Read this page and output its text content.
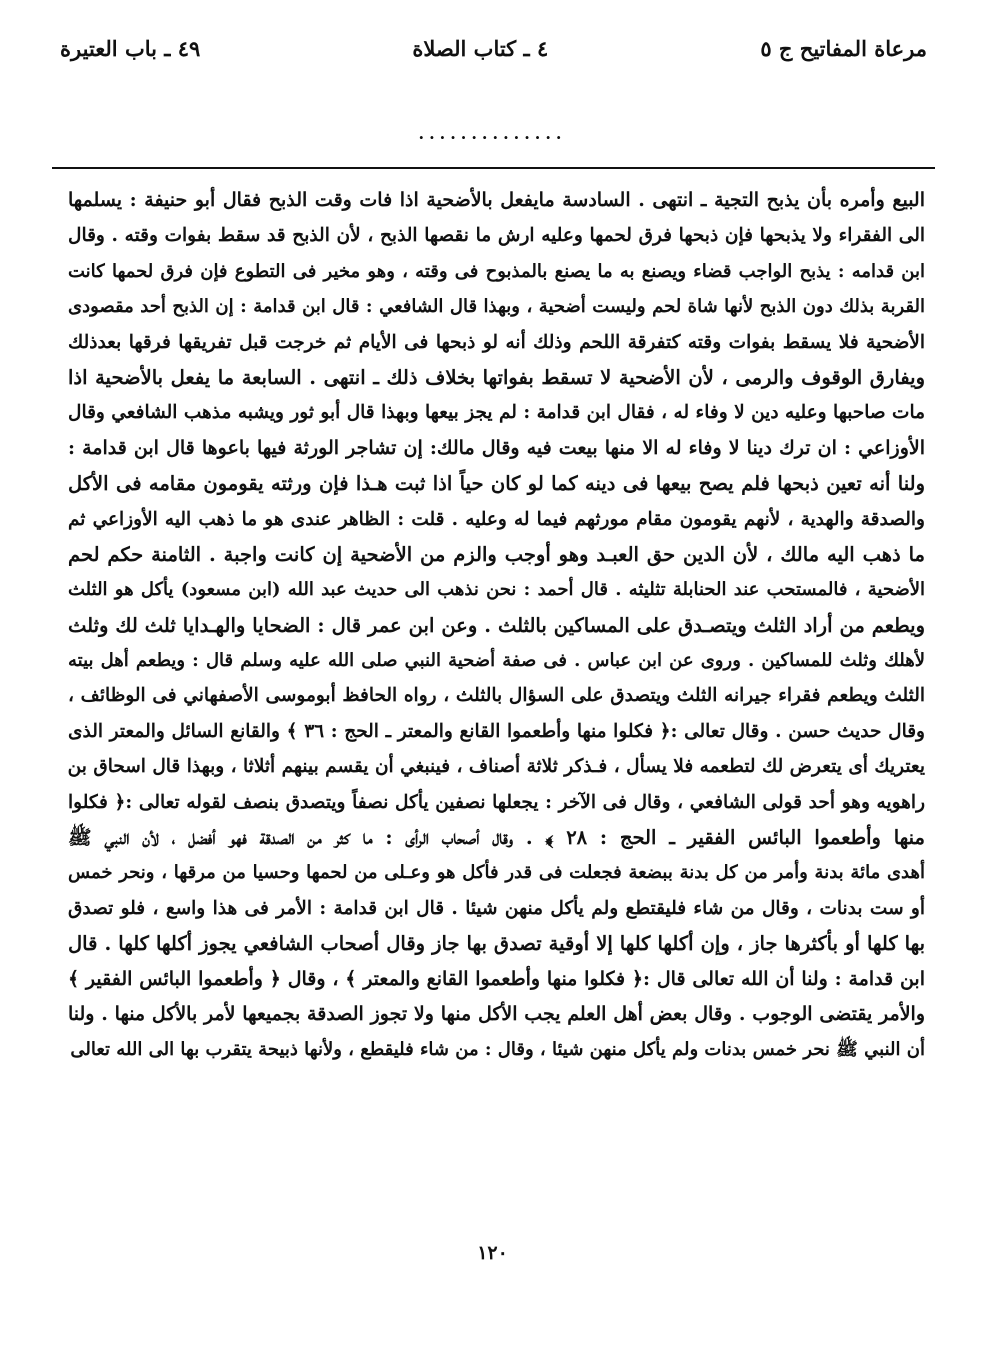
مرعاة المفاتيح ج ٥
٤ ـ كتاب الصلاة
٤٩ ـ باب العتيرة
..............
البيع وأمره بأن يذبح التجية ـ انتهى . السادسة مايفعل بالأضحية اذا فات وقت الذبح فقال أبو حنيفة : يسلمها
الى الفقراء ولا يذبحها فإن ذبحها فرق لحمها وعليه ارش ما نقصها الذبح ، لأن الذبح قد سقط بفوات وقته . وقال
ابن قدامه : يذبح الواجب قضاء ويصنع به ما يصنع بالمذبوح فى وقته ، وهو مخير فى التطوع فإن فرق لحمها كانت
القربة بذلك دون الذبح لأنها شاة لحم وليست أضحية ، وبهذا قال الشافعي : قال ابن قدامة : إن الذبح أحد مقصودى
الأضحية فلا يسقط بفوات وقته كتفرقة اللحم وذلك أنه لو ذبحها فى الأيام ثم خرجت قبل تفريقها فرقها بعدذلك
ويفارق الوقوف والرمى ، لأن الأضحية لا تسقط بفواتها بخلاف ذلك ـ انتهى . السابعة ما يفعل بالأضحية اذا
مات صاحبها وعليه دين لا وفاء له ، فقال ابن قدامة : لم يجز بيعها وبهذا قال أبو ثور ويشبه مذهب الشافعي وقال
الأوزاعي : ان ترك دينا لا وفاء له الا منها بيعت فيه وقال مالك: إن تشاجر الورثة فيها باعوها قال ابن قدامة :
ولنا أنه تعين ذبحها فلم يصح بيعها فى دينه كما لو كان حياً اذا ثبت هـذا فإن ورثته يقومون مقامه فى الأكل
والصدقة والهدية ، لأنهم يقومون مقام مورثهم فيما له وعليه . قلت : الظاهر عندى هو ما ذهب اليه الأوزاعي ثم
ما ذهب اليه مالك ، لأن الدين حق العبـد وهو أوجب والزم من الأضحية إن كانت واجبة . الثامنة حكم لحم
الأضحية ، فالمستحب عند الحنابلة تثليثه . قال أحمد : نحن نذهب الى حديث عبد الله (ابن مسعود) يأكل هو الثلث
ويطعم من أراد الثلث ويتصـدق على المساكين بالثلث . وعن ابن عمر قال : الضحايا والهـدايا ثلث لك وثلث
لأهلك وثلث للمساكين . وروى عن ابن عباس . فى صفة أضحية النبي صلى الله عليه وسلم قال : ويطعم أهل بيته
الثلث ويطعم فقراء جيرانه الثلث ويتصدق على السؤال بالثلث ، رواه الحافظ أبوموسى الأصفهاني فى الوظائف ،
وقال حديث حسن . وقال تعالى :﴿ فكلوا منها وأطعموا القانع والمعتر ـ الحج : ٣٦ ﴾ والقانع السائل والمعتر الذى
يعتريك أى يتعرض لك لتطعمه فلا يسأل ، فـذكر ثلاثة أصناف ، فينبغي أن يقسم بينهم أثلاثا ، وبهذا قال اسحاق بن
راهويه وهو أحد قولى الشافعي ، وقال فى الآخر : يجعلها نصفين يأكل نصفاً ويتصدق بنصف لقوله تعالى :﴿ فكلوا
منها وأطعموا البائس الفقير ـ الحج : ٢٨ ﴾ . وقال أصحاب الرأى : ما كثر من الصدقة فهو أفضل ، لأن النبي ﷺ
أهدى مائة بدنة وأمر من كل بدنة ببضعة فجعلت فى قدر فأكل هو وعـلى من لحمها وحسيا من مرقها ، ونحر خمس
أو ست بدنات ، وقال من شاء فليقتطع ولم يأكل منهن شيئا . قال ابن قدامة : الأمر فى هذا واسع ، فلو تصدق
بها كلها أو بأكثرها جاز ، وإن أكلها كلها إلا أوقية تصدق بها جاز وقال أصحاب الشافعي يجوز أكلها كلها . قال
ابن قدامة : ولنا أن الله تعالى قال :﴿ فكلوا منها وأطعموا القانع والمعتر ﴾ ، وقال ﴿ وأطعموا البائس الفقير ﴾
والأمر يقتضى الوجوب . وقال بعض أهل العلم يجب الأكل منها ولا تجوز الصدقة بجميعها لأمر بالأكل منها . ولنا
أن النبي ﷺ نحر خمس بدنات ولم يأكل منهن شيئا ، وقال : من شاء فليقطع ، ولأنها ذبيحة يتقرب بها الى الله تعالى
١٢٠
